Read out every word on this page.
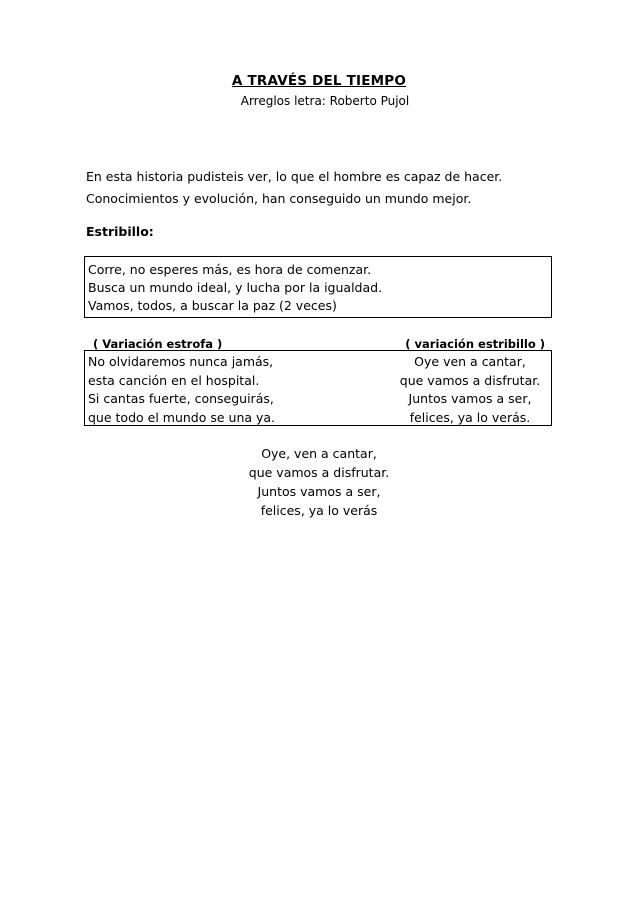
A TRAVÉS DEL TIEMPO
Arreglos letra: Roberto Pujol
En esta historia pudisteis ver, lo que el hombre es capaz de hacer.
Conocimientos y evolución, han conseguido un mundo mejor.
Estribillo:
Corre, no esperes más, es hora de comenzar.
Busca un mundo ideal, y lucha por la igualdad.
Vamos, todos, a buscar la paz (2 veces)
( Variación estrofa )	( variación estribillo )
No olvidaremos nunca jamás,
esta canción en el hospital.
Si cantas fuerte, conseguirás,
que todo el mundo se una ya.
Oye ven a cantar,
que vamos a disfrutar.
Juntos vamos a ser,
felices, ya lo verás.
Oye, ven a cantar,
que vamos a disfrutar.
Juntos vamos a ser,
felices, ya lo verás
